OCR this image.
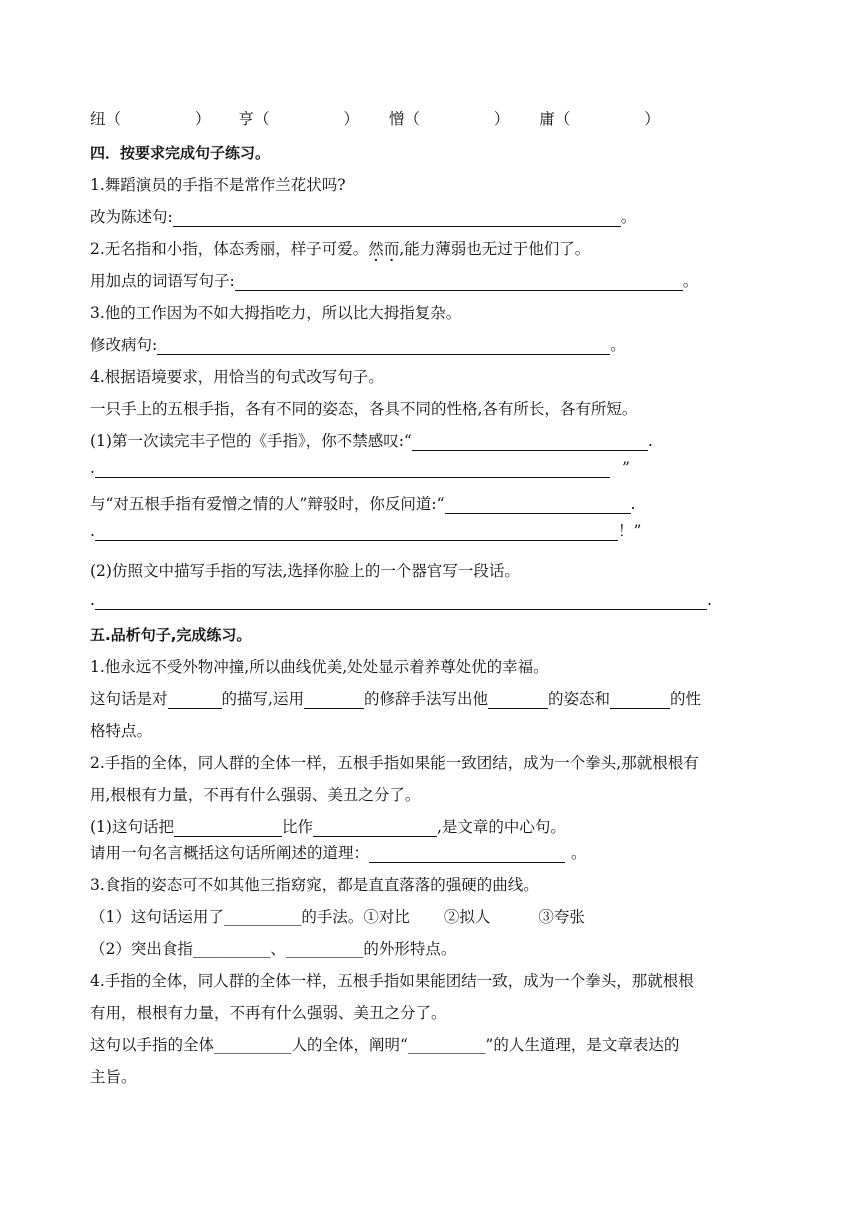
纽（	） 亨（	） 憎（	） 庸（	）
四．按要求完成句子练习。
1.舞蹈演员的手指不是常作兰花状吗?
改为陈述句:	。
2.无名指和小指，体态秀丽，样子可爱。然而,能力薄弱也无过于他们了。
用加点的词语写句子:	。
3.他的工作因为不如大拇指吃力，所以比大拇指复杂。
修改病句:	。
4.根据语境要求，用恰当的句式改写句子。
一只手上的五根手指，各有不同的姿态，各具不同的性格,各有所长，各有所短。
(1)第一次读完丰子恺的《手指》，你不禁感叹:“	.
.	”
与“对五根手指有爱憎之情的人”辩驳时，你反问道:“	.
.	！”
(2)仿照文中描写手指的写法,选择你脸上的一个器官写一段话。
.	.
五.品析句子,完成练习。
1.他永远不受外物冲撞,所以曲线优美,处处显示着养尊处优的幸福。
这句话是对	的描写,运用	的修辞手法写出他	的姿态和	的性
格特点。
2.手指的全体，同人群的全体一样，五根手指如果能一致团结，成为一个拳头,那就根根有
用,根根有力量，不再有什么强弱、美丑之分了。
(1)这句话把	比作	,是文章的中心句。
请用一句名言概括这句话所阐述的道理：	。
3.食指的姿态可不如其他三指窈窕，都是直直落落的强硬的曲线。
（1）这句话运用了__________的手法。①对比 ②拟人	③夸张
（2）突出食指__________、__________的外形特点。
4.手指的全体，同人群的全体一样，五根手指如果能团结一致，成为一个拳头，那就根根
有用，根根有力量，不再有什么强弱、美丑之分了。
这句以手指的全体__________人的全体，阐明“__________”的人生道理，是文章表达的
主旨。
